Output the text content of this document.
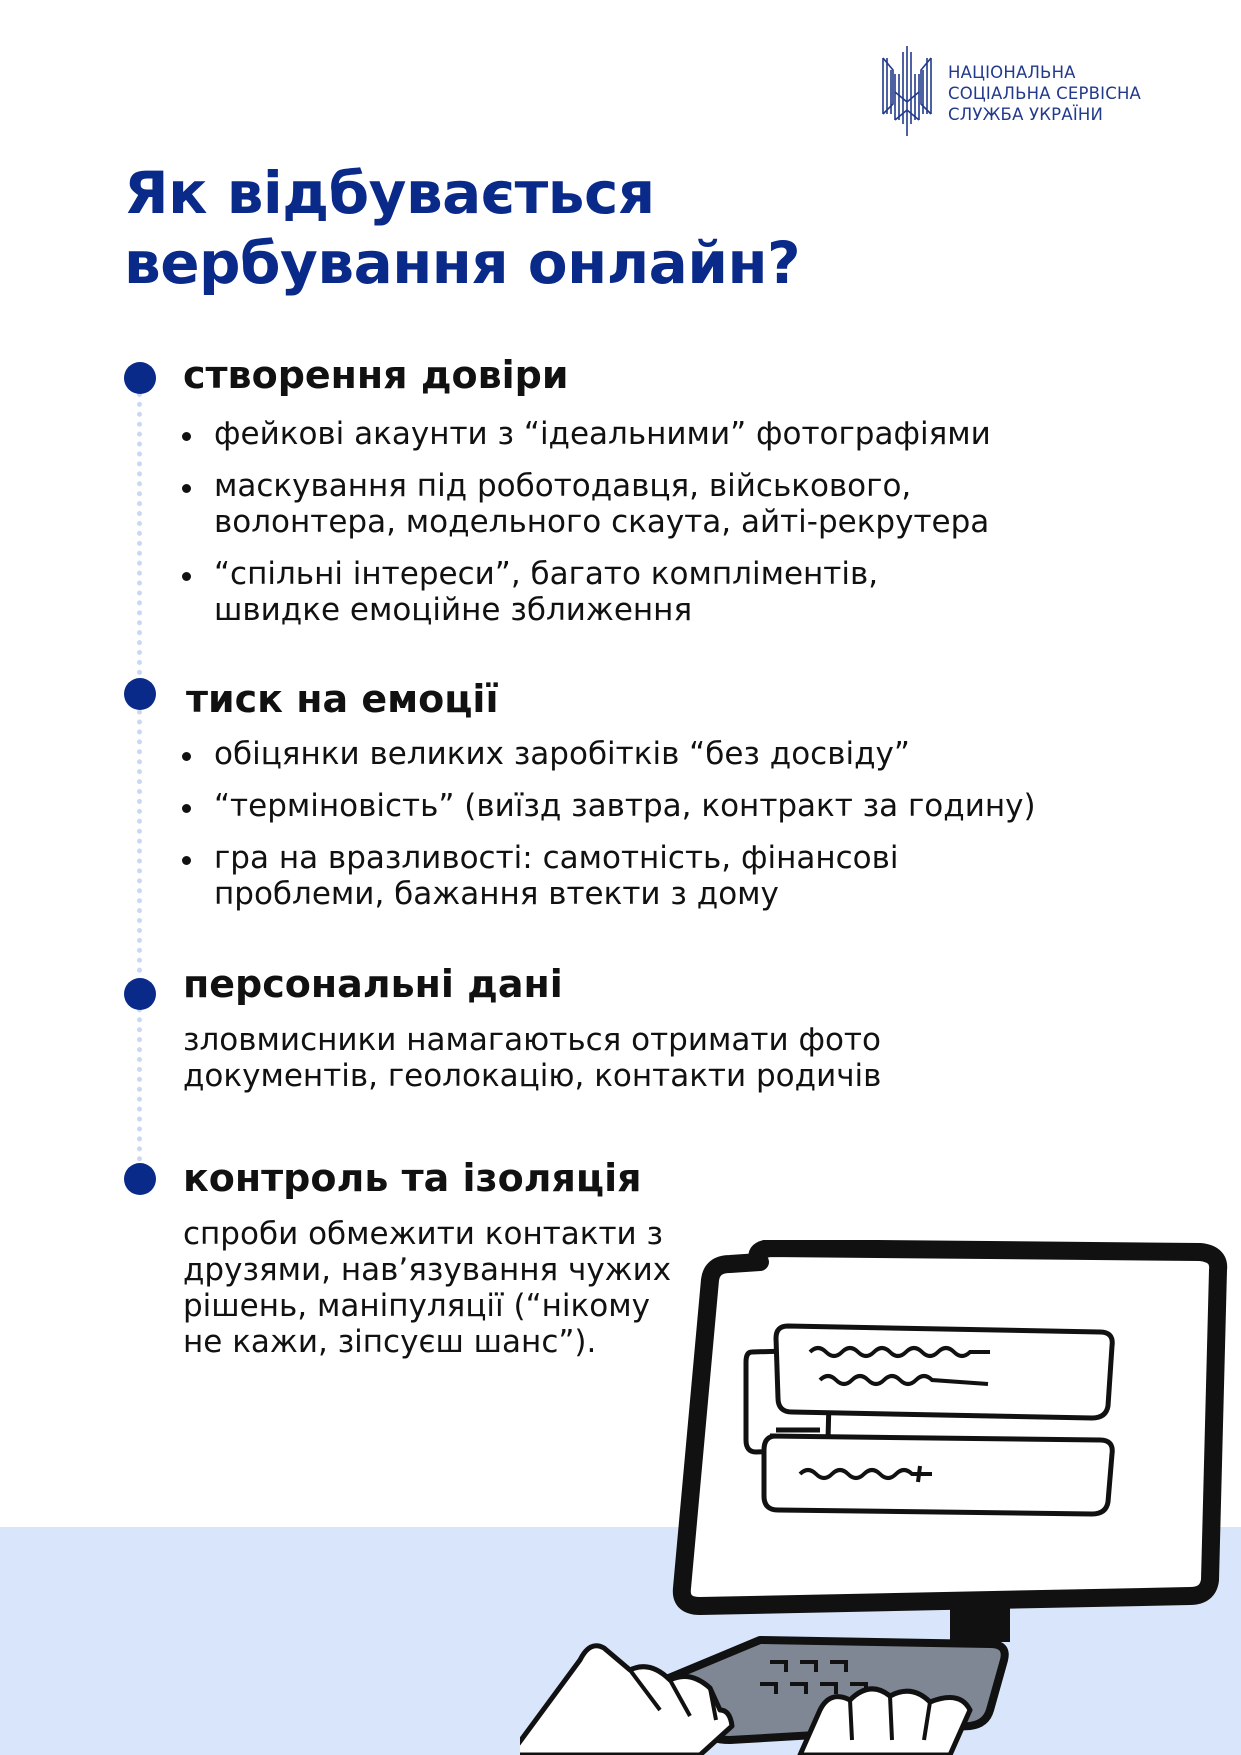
НАЦІОНАЛЬНА
СОЦІАЛЬНА СЕРВІСНА
СЛУЖБА УКРАЇНИ
Як відбувається
вербування онлайн?
створення довіри
фейкові акаунти з “ідеальними” фотографіями
маскування під роботодавця, військового,
волонтера, модельного скаута, айті-рекрутера
“спільні інтереси”, багато компліментів,
швидке емоційне зближення
тиск на емоції
обіцянки великих заробітків “без досвіду”
“терміновість” (виїзд завтра, контракт за годину)
гра на вразливості: самотність, фінансові
проблеми, бажання втекти з дому
персональні дані

зловмисники намагаються отримати фото
документів, геолокацію, контакти родичів

контроль та ізоляція

спроби обмежити контакти з
друзями, нав’язування чужих
рішень, маніпуляції (“нікому
не кажи, зіпсуєш шанс”).
